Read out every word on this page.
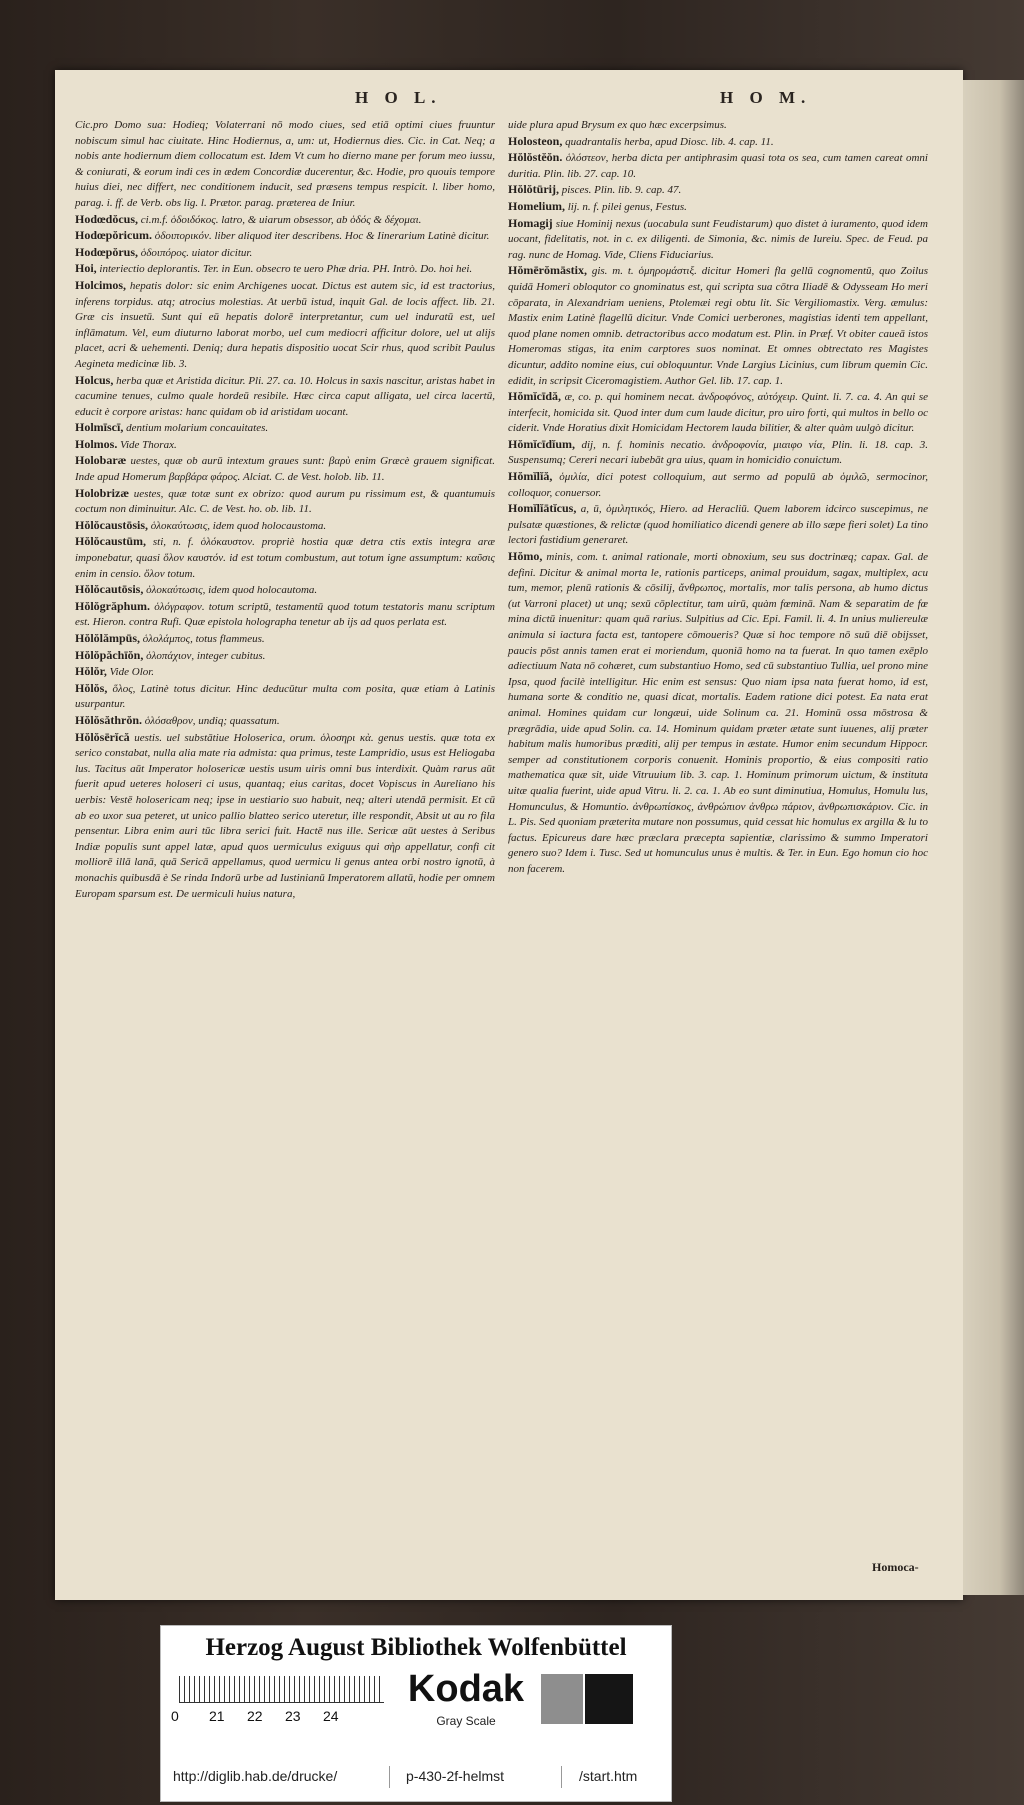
H O L.	H O M.
Cic.pro Domo sua: Hodieq; Volaterrani nō modo ciues, sed etiā optimi ciues fruuntur nobiscum simul hac ciuitate. Hinc Hodiernus, a, um: ut, Hodiernus dies. Cic. in Cat. Neq; a nobis ante hodiernum diem collocatum est. Idem Vt cum ho dierno mane per forum meo iussu, & coniurati, & eorum indi ces in ædem Concordiæ ducerentur, &c. Hodie, pro quouis tempore huius diei, nec differt, nec conditionem inducit, sed præsens tempus respicit. l. liber homo, parag. i. ff. de Verb. obs lig. l. Prætor. parag. præterea de Iniur.
Hodœdŏcus, ci.m.f. ὁδοιδόκος. latro, & uiarum obsessor, ab ὁδός & δέχομαι.
Hodœpŏricum. ὁδοιπορικόν. liber aliquod iter describens. Hoc & Iinerarium Latinè dicitur.
Hodœpŏrus, ὁδοιπόρος. uiator dicitur.
Hoi, interiectio deplorantis. Ter. in Eun. obsecro te uero Phæ dria. PH. Intrò. Do. hoi hei.
Holcimos, hepatis dolor: sic enim Archigenes uocat. Dictus est autem sic, id est tractorius, inferens torpidus. atq; atrocius molestias. At uerbū istud, inquit Gal. de locis affect. lib. 21. Græ cis insuetū. Sunt qui eū hepatis dolorē interpretantur, cum uel induratū est, uel inflāmatum. Vel, eum diuturno laborat morbo, uel cum mediocri afficitur dolore, uel ut alijs placet, acri & uehementi. Deniq; dura hepatis dispositio uocat Scir rhus, quod scribit Paulus Aegineta medicinæ lib. 3.
Holcus, herba quæ et Aristida dicitur. Pli. 27. ca. 10. Holcus in saxis nascitur, aristas habet in cacumine tenues, culmo quale hordeū resibile. Hæc circa caput alligata, uel circa lacertū, educit è corpore aristas: hanc quidam ob id aristidam uocant.
Holmīscī, dentium molarium concauitates.
Holmos. Vide Thorax.
Holobaræ uestes, quæ ob aurū intextum graues sunt: βαρὺ enim Græcè grauem significat. Inde apud Homerum βαρβάρα φάρος. Alciat. C. de Vest. holob. lib. 11.
Holobrizæ uestes, quæ totæ sunt ex obrizo: quod aurum pu rissimum est, & quantumuis coctum non diminuitur. Alc. C. de Vest. ho. ob. lib. 11.
Hŏlŏcaustōsis, ὁλοκαύτωσις, idem quod holocaustoma.
Hŏlŏcaustūm, sti, n. f. ὁλόκαυστον. propriè hostia quæ detra ctis extis integra aræ imponebatur, quasi ὅλον καυστόν. id est totum combustum, aut totum igne assumptum: καῦσις enim in censio. ὅλον totum.
Hŏlŏcautōsis, ὁλοκαύτωσις, idem quod holocautoma.
Hŏlŏgrăphum. ὁλόγραφον. totum scriptū, testamentū quod totum testatoris manu scriptum est. Hieron. contra Rufi. Quæ epistola holographa tenetur ab ijs ad quos perlata est.
Hŏlŏlămpūs, ὁλολάμπος, totus flammeus.
Hŏlŏpăchīŏn, ὁλοπάχιον, integer cubitus.
Hŏlŏr, Vide Olor.
Hŏlŏs, ὅλος, Latinè totus dicitur. Hinc deducūtur multa com posita, quæ etiam à Latinis usurpantur.
Hŏlŏsăthrŏn. ὁλόσαθρον, undiq; quassatum.
Hŏlŏsērĭcă uestis. uel substātiue Holoserica, orum. ὁλοσηρι κὰ. genus uestis. quæ tota ex serico constabat, nulla alia mate ria admista: qua primus, teste Lampridio, usus est Heliogaba lus. Tacitus aūt Imperator holosericæ uestis usum uiris omni bus interdixit. Quàm rarus aūt fuerit apud ueteres holoseri ci usus, quantaq; eius caritas, docet Vopiscus in Aureliano his uerbis: Vestē holosericam neq; ipse in uestiario suo habuit, neq; alteri utendā permisit. Et cū ab eo uxor sua peteret, ut unico pallio blatteo serico uteretur, ille respondit, Absit ut au ro fila pensentur. Libra enim auri tūc libra serici fuit. Hactē nus ille. Sericæ aūt uestes à Seribus Indiæ populis sunt appel latæ, apud quos uermiculus exiguus qui σὴρ appellatur, confi cit molliorē illā lanā, quā Sericā appellamus, quod uermicu li genus antea orbi nostro ignotū, à monachis quibusdā è Se rinda Indorū urbe ad Iustinianū Imperatorem allatū, hodie per omnem Europam sparsum est. De uermiculi huius natura,
uide plura apud Brysum ex quo hæc excerpsimus.
Holosteon, quadrantalis herba, apud Diosc. lib. 4. cap. 11.
Hŏlŏstĕŏn. ὁλόστεον, herba dicta per antiphrasim quasi tota os sea, cum tamen careat omni duritia. Plin. lib. 27. cap. 10.
Hŏlŏtūrij, pisces. Plin. lib. 9. cap. 47.
Homelium, lij. n. f. pilei genus, Festus.
Homagij siue Hominij nexus (uocabula sunt Feudistarum) quo distet à iuramento, quod idem uocant, fidelitatis, not. in c. ex diligenti. de Simonia, &c. nimis de Iureiu. Spec. de Feud. pa rag. nunc de Homag. Vide, Cliens Fiduciarius.
Hŏmērŏmāstix, gis. m. t. ὁμηρομάστιξ. dicitur Homeri fla gellū cognomentū, quo Zoilus quidā Homeri obloqutor co gnominatus est, qui scripta sua cōtra Iliadē & Odysseam Ho meri cōparata, in Alexandriam ueniens, Ptolemæi regi obtu lit. Sic Vergiliomastix. Verg. æmulus: Mastix enim Latinè flagellū dicitur. Vnde Comici uerberones, magistias identi tem appellant, quod plane nomen omnib. detractoribus acco modatum est. Plin. in Præf. Vt obiter caueā istos Homeromas stigas, ita enim carptores suos nominat. Et omnes obtrectato res Magistes dicuntur, addito nomine eius, cui obloquuntur. Vnde Largius Licinius, cum librum quemin Cic. edidit, in scripsit Ciceromagistiem. Author Gel. lib. 17. cap. 1.
Hŏmĭcīdă, æ, co. p. qui hominem necat. ἀνδροφόνος, αὐτόχειρ. Quint. li. 7. ca. 4. An qui se interfecit, homicida sit. Quod inter dum cum laude dicitur, pro uiro forti, qui multos in bello oc ciderit. Vnde Horatius dixit Homicidam Hectorem lauda bilitier, & alter quàm uulgò dicitur.
Hŏmĭcīdĭum, dij, n. f. hominis necatio. ἀνδροφονία, μιαιφο νία, Plin. li. 18. cap. 3. Suspensumq; Cereri necari iubebāt gra uius, quam in homicidio conuictum.
Hŏmĭlĭă, ὁμιλία, dici potest colloquium, aut sermo ad populū ab ὁμιλῶ, sermocinor, colloquor, conuersor.
Homĭlĭātĭcus, a, ū, ὁμιλητικός, Hiero. ad Heracliū. Quem laborem idcirco suscepimus, ne pulsatæ quæstiones, & relictæ (quod homiliatico dicendi genere ab illo sæpe fieri solet) La tino lectori fastidium generaret.
Hŏmo, minis, com. t. animal rationale, morti obnoxium, seu sus doctrinæq; capax. Gal. de defini. Dicitur & animal morta le, rationis particeps, animal prouidum, sagax, multiplex, acu tum, memor, plenū rationis & cōsilij, ἄνθρωπος, mortalis, mor talis persona, ab humo dictus (ut Varroni placet) ut unq; sexū cōplectitur, tam uirū, quàm fœminā. Nam & separatim de fœ mina dictū inuenitur: quam quā rarius. Sulpitius ad Cic. Epi. Famil. li. 4. In unius muliereulæ animula si iactura facta est, tantopere cōmoueris? Quæ si hoc tempore nō suū diē obijsset, paucis pōst annis tamen erat ei moriendum, quoniā homo na ta fuerat. In quo tamen exēplo adiectiuum Nata nō cohæret, cum substantiuo Homo, sed cū substantiuo Tullia, uel prono mine Ipsa, quod facilè intelligitur. Hic enim est sensus: Quo niam ipsa nata fuerat homo, id est, humana sorte & conditio ne, quasi dicat, mortalis. Eadem ratione dici potest. Ea nata erat animal. Homines quidam cur longæui, uide Solinum ca. 21. Hominū ossa mōstrosa & prægrādia, uide apud Solin. ca. 14. Hominum quidam præter ætate sunt iuuenes, alij præter habitum malis humoribus præditi, alij per tempus in æstate. Humor enim secundum Hippocr. semper ad constitutionem corporis conuenit. Hominis proportio, & eius compositi ratio mathematica quæ sit, uide Vitruuium lib. 3. cap. 1. Hominum primorum uictum, & instituta uitæ qualia fuerint, uide apud Vitru. li. 2. ca. 1. Ab eo sunt diminutiua, Homulus, Homulu lus, Homunculus, & Homuntio. ἀνθρωπίσκος, ἀνθρώπιον ἀνθρω πάριον, ἀνθρωπισκάριον. Cic. in L. Pis. Sed quoniam præterita mutare non possumus, quid cessat hic homulus ex argilla & lu to factus. Epicureus dare hæc præclara præcepta sapientiæ, clarissimo & summo Imperatori genero suo? Idem i. Tusc. Sed ut homunculus unus è multis. & Ter. in Eun. Ego homun cio hoc non facerem.
Homoca-
Herzog August Bibliothek Wolfenbüttel
0 21 22 23 24
Kodak
Gray Scale
http://diglib.hab.de/drucke/	p-430-2f-helmst	/start.htm
